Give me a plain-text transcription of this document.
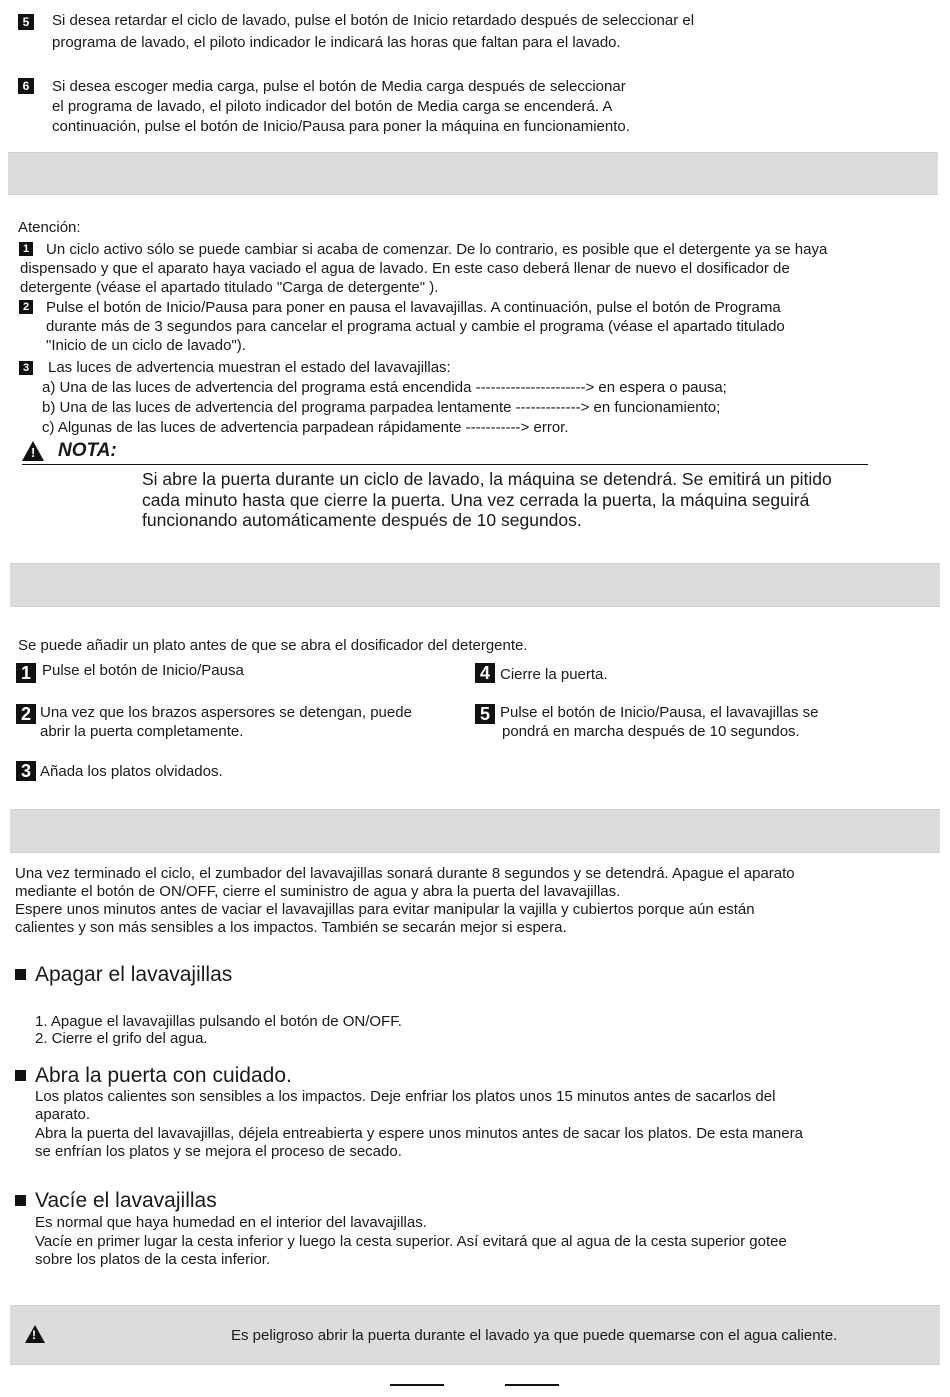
5	Si desea retardar el ciclo de lavado, pulse el botón de Inicio retardado después de seleccionar el
programa de lavado, el piloto indicador le indicará las horas que faltan para el lavado.
6	Si desea escoger media carga, pulse el botón de Media carga después de seleccionar
el programa de lavado, el piloto indicador del botón de Media carga se encenderá. A
continuación, pulse el botón de Inicio/Pausa para poner la máquina en funcionamiento.
Atención:
1 Un ciclo activo sólo se puede cambiar si acaba de comenzar. De lo contrario, es posible que el detergente ya se haya
dispensado y que el aparato haya vaciado el agua de lavado. En este caso deberá llenar de nuevo el dosificador de
detergente (véase el apartado titulado "Carga de detergente" ).
2 Pulse el botón de Inicio/Pausa para poner en pausa el lavavajillas. A continuación, pulse el botón de Programa
durante más de 3 segundos para cancelar el programa actual y cambie el programa (véase el apartado titulado
"Inicio de un ciclo de lavado").
3 Las luces de advertencia muestran el estado del lavavajillas:
a) Una de las luces de advertencia del programa está encendida ----------------------> en espera o pausa;
b) Una de las luces de advertencia del programa parpadea lentamente -------------> en funcionamiento;
c) Algunas de las luces de advertencia parpadean rápidamente -----------> error.
! NOTA:
Si abre la puerta durante un ciclo de lavado, la máquina se detendrá. Se emitirá un pitido
cada minuto hasta que cierre la puerta. Una vez cerrada la puerta, la máquina seguirá
funcionando automáticamente después de 10 segundos.
Se puede añadir un plato antes de que se abra el dosificador del detergente.
1 Pulse el botón de Inicio/Pausa
2 Una vez que los brazos aspersores se detengan, puede
abrir la puerta completamente.
3 Añada los platos olvidados.
4 Cierre la puerta.
5 Pulse el botón de Inicio/Pausa, el lavavajillas se
pondrá en marcha después de 10 segundos.
Una vez terminado el ciclo, el zumbador del lavavajillas sonará durante 8 segundos y se detendrá. Apague el aparato
mediante el botón de ON/OFF, cierre el suministro de agua y abra la puerta del lavavajillas.
Espere unos minutos antes de vaciar el lavavajillas para evitar manipular la vajilla y cubiertos porque aún están
calientes y son más sensibles a los impactos. También se secarán mejor si espera.
Apagar el lavavajillas
1. Apague el lavavajillas pulsando el botón de ON/OFF.
2. Cierre el grifo del agua.
Abra la puerta con cuidado.
Los platos calientes son sensibles a los impactos. Deje enfriar los platos unos 15 minutos antes de sacarlos del
aparato.
Abra la puerta del lavavajillas, déjela entreabierta y espere unos minutos antes de sacar los platos. De esta manera
se enfrían los platos y se mejora el proceso de secado.
Vacíe el lavavajillas
Es normal que haya humedad en el interior del lavavajillas.
Vacíe en primer lugar la cesta inferior y luego la cesta superior. Así evitará que al agua de la cesta superior gotee
sobre los platos de la cesta inferior.
!	Es peligroso abrir la puerta durante el lavado ya que puede quemarse con el agua caliente.
